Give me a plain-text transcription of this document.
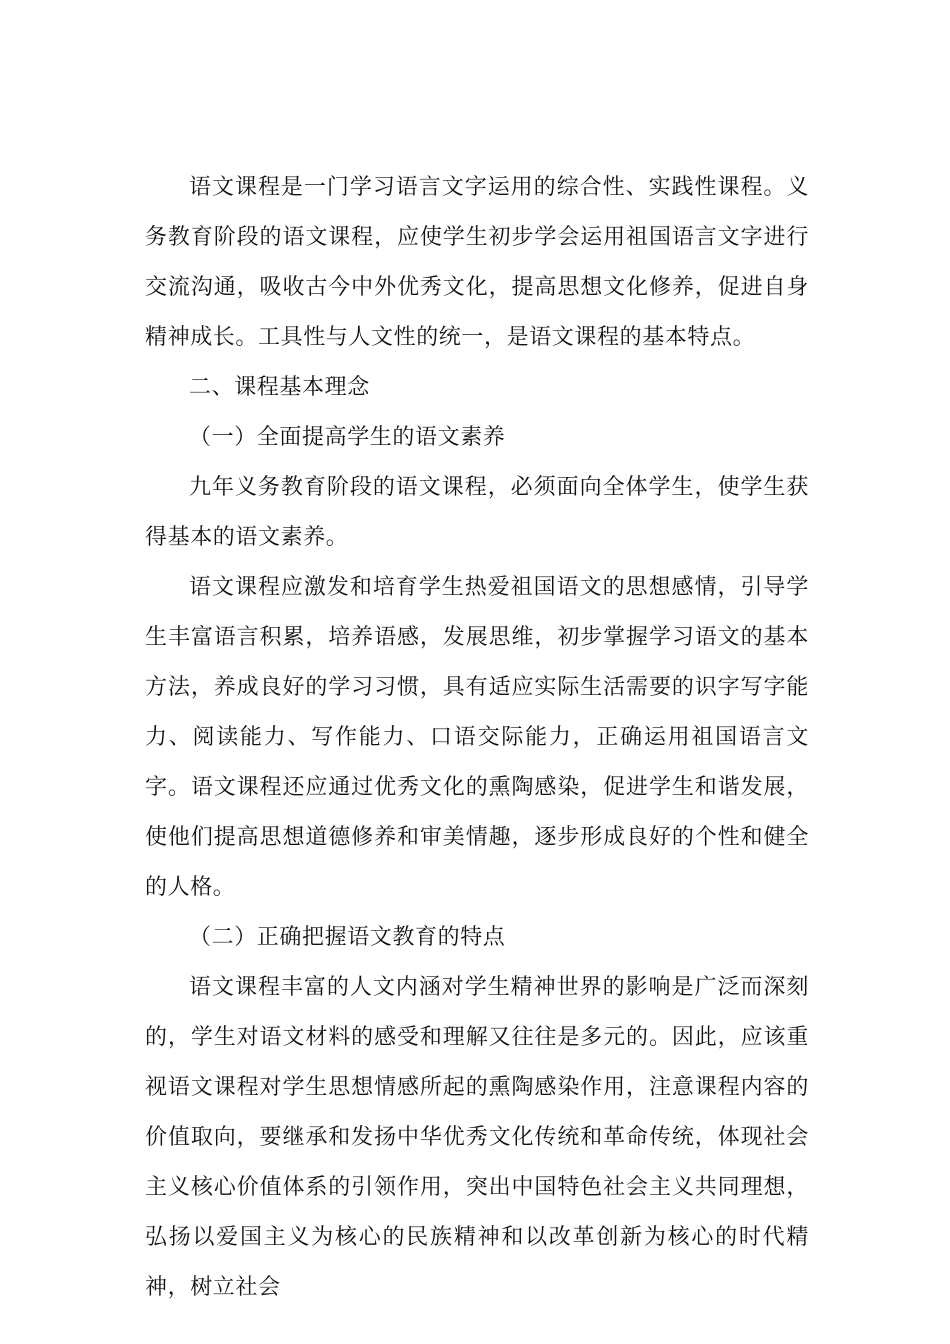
语文课程是一门学习语言文字运用的综合性、实践性课程。义务教育阶段的语文课程，应使学生初步学会运用祖国语言文字进行交流沟通，吸收古今中外优秀文化，提高思想文化修养，促进自身精神成长。工具性与人文性的统一，是语文课程的基本特点。

二、课程基本理念

（一）全面提高学生的语文素养

九年义务教育阶段的语文课程，必须面向全体学生，使学生获得基本的语文素养。

语文课程应激发和培育学生热爱祖国语文的思想感情，引导学生丰富语言积累，培养语感，发展思维，初步掌握学习语文的基本方法，养成良好的学习习惯，具有适应实际生活需要的识字写字能力、阅读能力、写作能力、口语交际能力，正确运用祖国语言文字。语文课程还应通过优秀文化的熏陶感染，促进学生和谐发展，使他们提高思想道德修养和审美情趣，逐步形成良好的个性和健全的人格。

（二）正确把握语文教育的特点

语文课程丰富的人文内涵对学生精神世界的影响是广泛而深刻的，学生对语文材料的感受和理解又往往是多元的。因此，应该重视语文课程对学生思想情感所起的熏陶感染作用，注意课程内容的价值取向，要继承和发扬中华优秀文化传统和革命传统，体现社会主义核心价值体系的引领作用，突出中国特色社会主义共同理想，弘扬以爱国主义为核心的民族精神和以改革创新为核心的时代精神，树立社会
